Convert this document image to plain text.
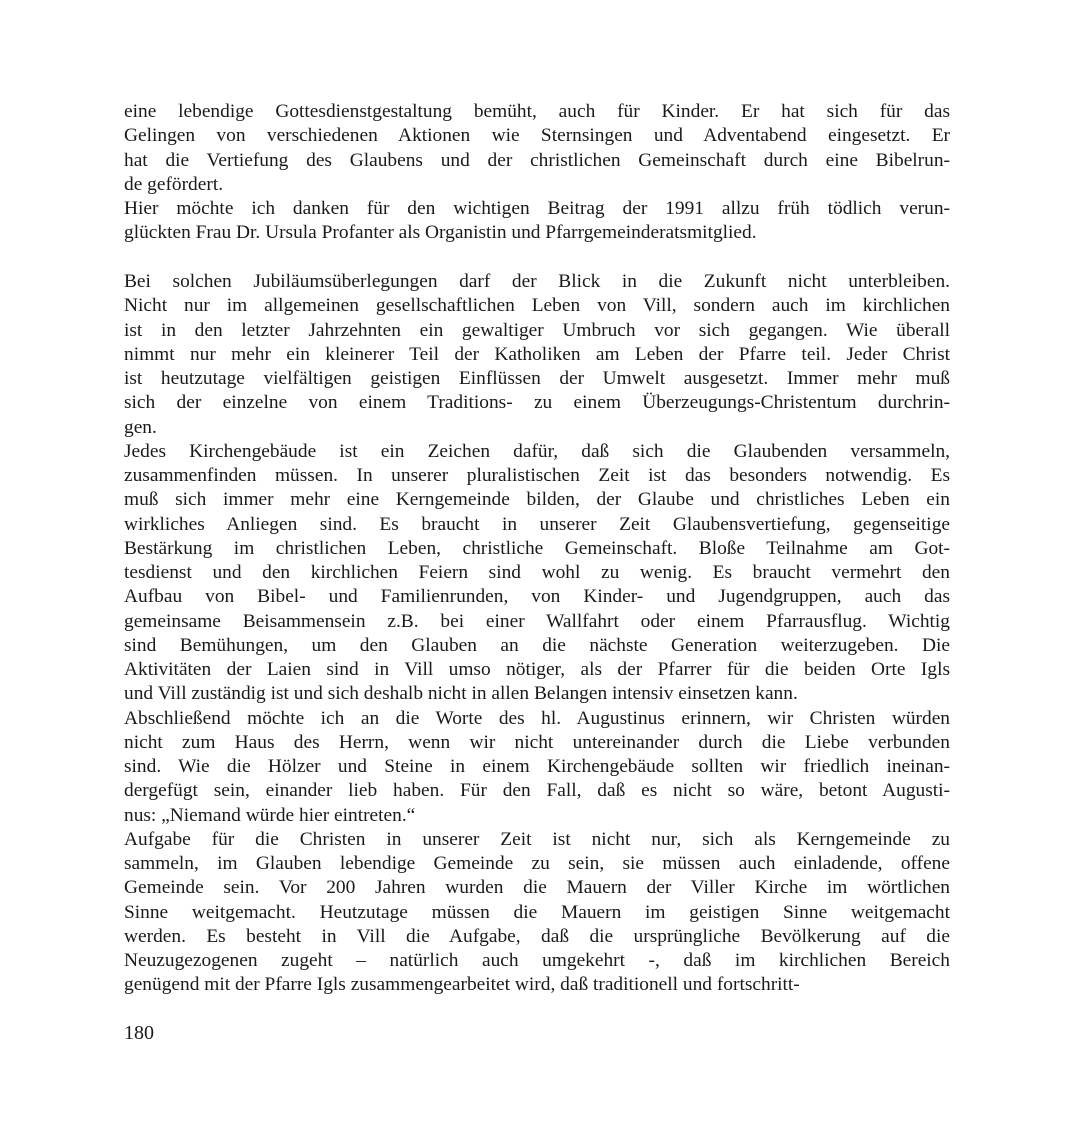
eine lebendige Gottesdienstgestaltung bemüht, auch für Kinder. Er hat sich für das
Gelingen von verschiedenen Aktionen wie Sternsingen und Adventabend eingesetzt. Er
hat die Vertiefung des Glaubens und der christlichen Gemeinschaft durch eine Bibelrun-
de gefördert.
Hier möchte ich danken für den wichtigen Beitrag der 1991 allzu früh tödlich verun-
glückten Frau Dr. Ursula Profanter als Organistin und Pfarrgemeinderatsmitglied.
Bei solchen Jubiläumsüberlegungen darf der Blick in die Zukunft nicht unterbleiben.
Nicht nur im allgemeinen gesellschaftlichen Leben von Vill, sondern auch im kirchlichen
ist in den letzter Jahrzehnten ein gewaltiger Umbruch vor sich gegangen. Wie überall
nimmt nur mehr ein kleinerer Teil der Katholiken am Leben der Pfarre teil. Jeder Christ
ist heutzutage vielfältigen geistigen Einflüssen der Umwelt ausgesetzt. Immer mehr muß
sich der einzelne von einem Traditions- zu einem Überzeugungs-Christentum durchrin-
gen.
Jedes Kirchengebäude ist ein Zeichen dafür, daß sich die Glaubenden versammeln,
zusammenfinden müssen. In unserer pluralistischen Zeit ist das besonders notwendig. Es
muß sich immer mehr eine Kerngemeinde bilden, der Glaube und christliches Leben ein
wirkliches Anliegen sind. Es braucht in unserer Zeit Glaubensvertiefung, gegenseitige
Bestärkung im christlichen Leben, christliche Gemeinschaft. Bloße Teilnahme am Got-
tesdienst und den kirchlichen Feiern sind wohl zu wenig. Es braucht vermehrt den
Aufbau von Bibel- und Familienrunden, von Kinder- und Jugendgruppen, auch das
gemeinsame Beisammensein z.B. bei einer Wallfahrt oder einem Pfarrausflug. Wichtig
sind Bemühungen, um den Glauben an die nächste Generation weiterzugeben. Die
Aktivitäten der Laien sind in Vill umso nötiger, als der Pfarrer für die beiden Orte Igls
und Vill zuständig ist und sich deshalb nicht in allen Belangen intensiv einsetzen kann.
Abschließend möchte ich an die Worte des hl. Augustinus erinnern, wir Christen würden
nicht zum Haus des Herrn, wenn wir nicht untereinander durch die Liebe verbunden
sind. Wie die Hölzer und Steine in einem Kirchengebäude sollten wir friedlich ineinan-
dergefügt sein, einander lieb haben. Für den Fall, daß es nicht so wäre, betont Augusti-
nus: „Niemand würde hier eintreten.“
Aufgabe für die Christen in unserer Zeit ist nicht nur, sich als Kerngemeinde zu
sammeln, im Glauben lebendige Gemeinde zu sein, sie müssen auch einladende, offene
Gemeinde sein. Vor 200 Jahren wurden die Mauern der Viller Kirche im wörtlichen
Sinne weitgemacht. Heutzutage müssen die Mauern im geistigen Sinne weitgemacht
werden. Es besteht in Vill die Aufgabe, daß die ursprüngliche Bevölkerung auf die
Neuzugezogenen zugeht – natürlich auch umgekehrt -, daß im kirchlichen Bereich
genügend mit der Pfarre Igls zusammengearbeitet wird, daß traditionell und fortschritt-
180
